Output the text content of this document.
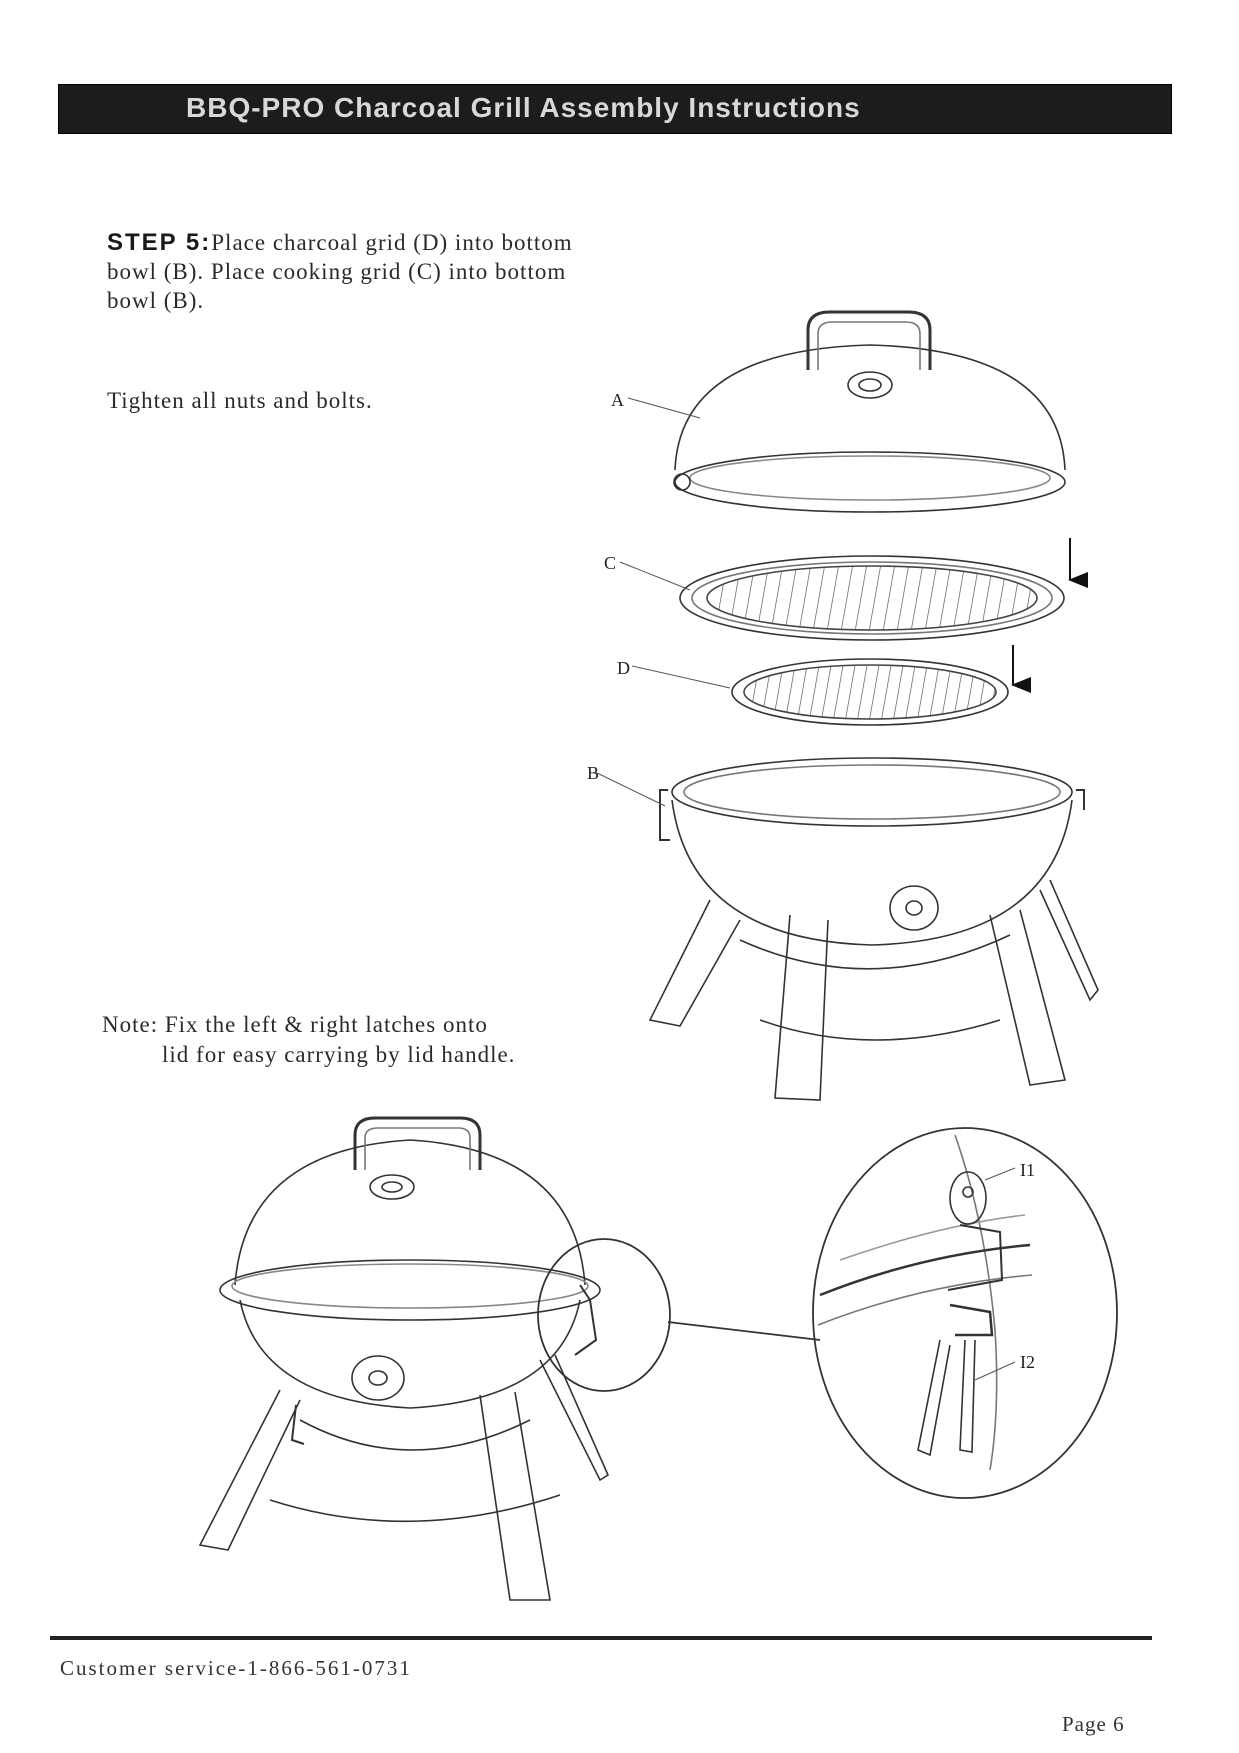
BBQ-PRO Charcoal Grill Assembly Instructions
STEP 5:Place charcoal grid (D) into bottom bowl (B). Place cooking grid (C) into bottom bowl (B).
Tighten all nuts and bolts.
Note: Fix the left & right latches onto
lid for easy carrying by lid handle.
A
C
D
B
I1
I2
Customer service-1-866-561-0731
Page 6
